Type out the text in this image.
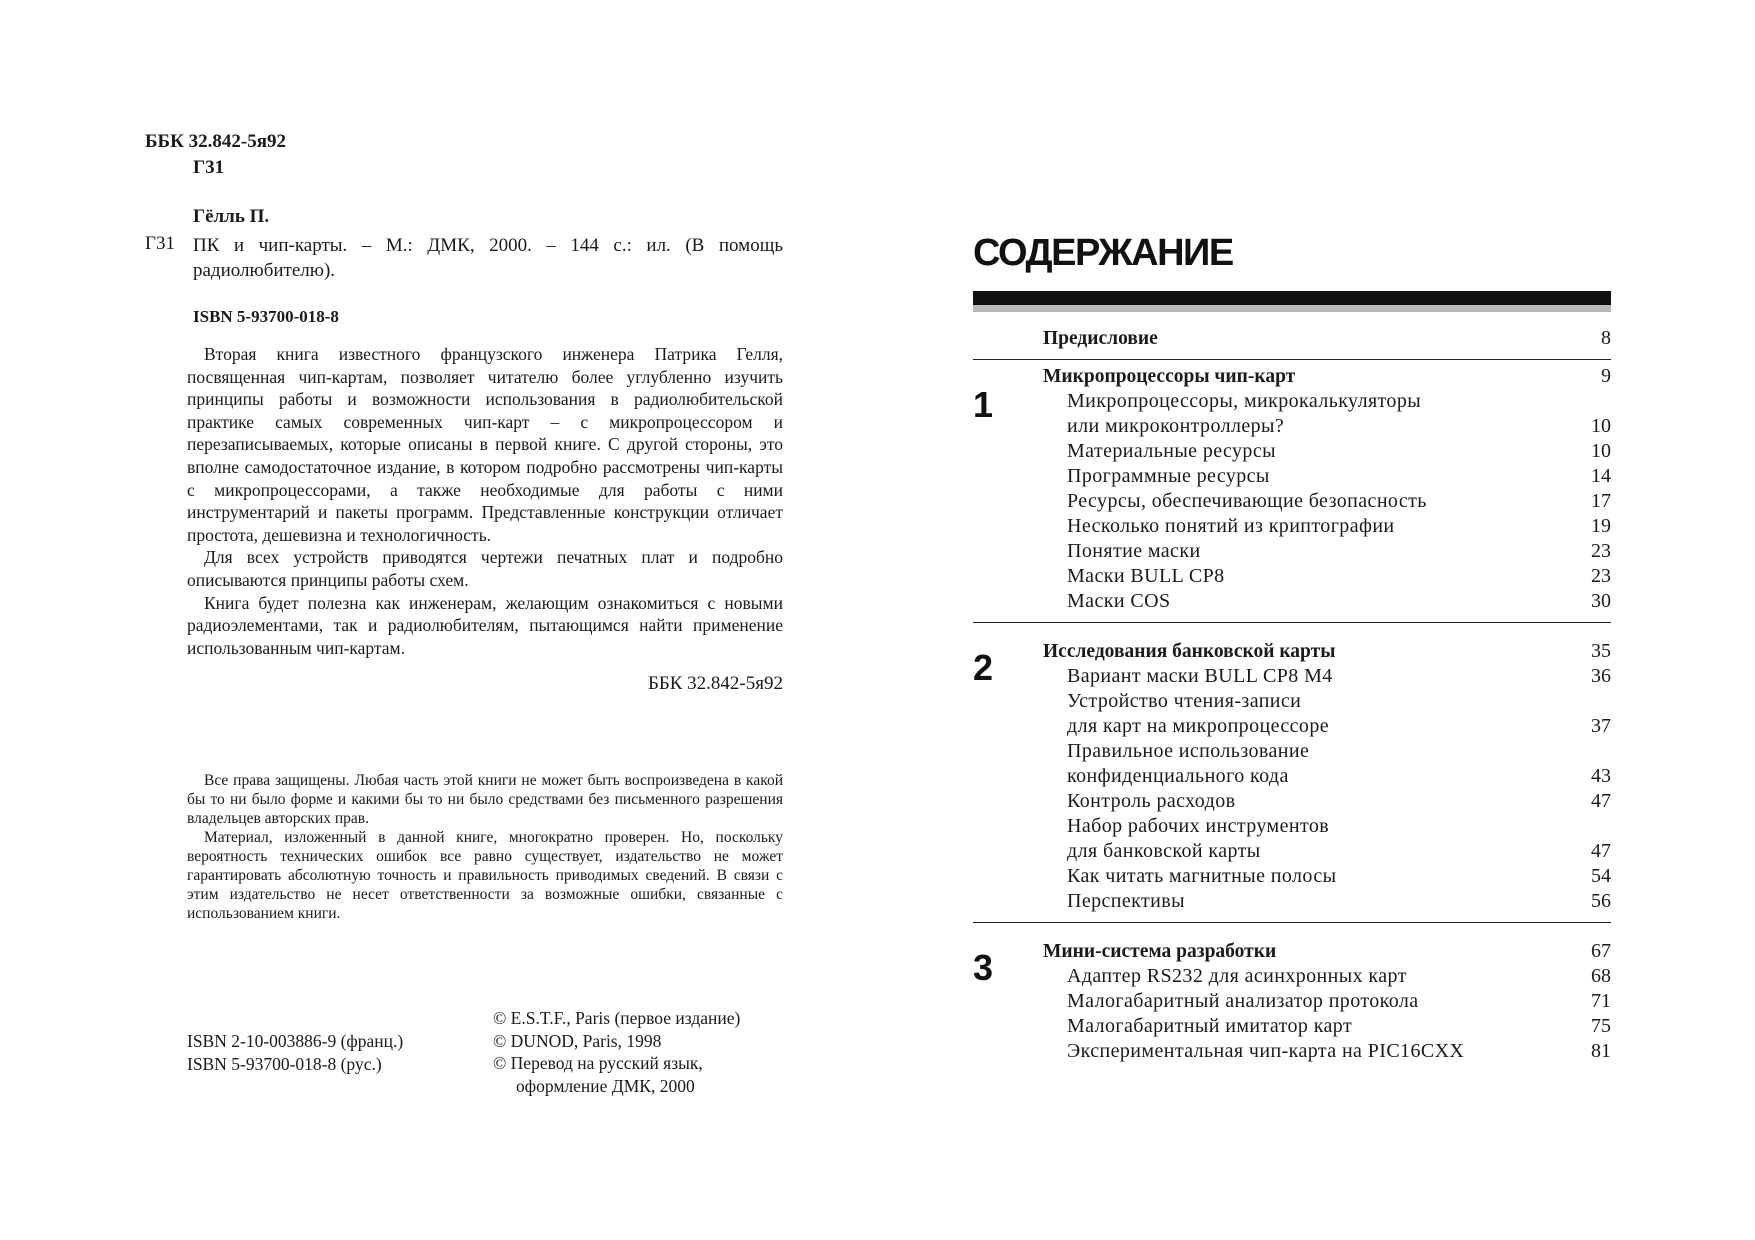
ББК 32.842-5я92
Г31
Гёлль П.
Г31 ПК и чип-карты. – М.: ДМК, 2000. – 144 с.: ил. (В помощь радиолюбителю).
ISBN 5-93700-018-8

Вторая книга известного французского инженера Патрика Гелля, посвященная чип-картам, позволяет читателю более углубленно изучить принципы работы и возможности использования в радиолюбительской практике самых современных чип-карт – с микропроцессором и перезаписываемых, которые описаны в первой книге. С другой стороны, это вполне самодостаточное издание, в котором подробно рассмотрены чип-карты с микропроцессорами, а также необходимые для работы с ними инструментарий и пакеты программ. Представленные конструкции отличает простота, дешевизна и технологичность.

Для всех устройств приводятся чертежи печатных плат и подробно описываются принципы работы схем.

Книга будет полезна как инженерам, желающим ознакомиться с новыми радиоэлементами, так и радиолюбителям, пытающимся найти применение использованным чип-картам.

ББК 32.842-5я92

Все права защищены. Любая часть этой книги не может быть воспроизведена в какой бы то ни было форме и какими бы то ни было средствами без письменного разрешения владельцев авторских прав.

Материал, изложенный в данной книге, многократно проверен. Но, поскольку вероятность технических ошибок все равно существует, издательство не может гарантировать абсолютную точность и правильность приводимых сведений. В связи с этим издательство не несет ответственности за возможные ошибки, связанные с использованием книги.

ISBN 2-10-003886-9 (франц.)
ISBN 5-93700-018-8 (рус.)
© E.S.T.F., Paris (первое издание)
© DUNOD, Paris, 1998
© Перевод на русский язык,
оформление ДМК, 2000
СОДЕРЖАНИЕ
Предисловие	8
1
Микропроцессоры чип-карт	9
Микропроцессоры, микрокалькуляторы
или микроконтроллеры?	10
Материальные ресурсы	10
Программные ресурсы	14
Ресурсы, обеспечивающие безопасность	17
Несколько понятий из криптографии	19
Понятие маски	23
Маски BULL CP8	23
Маски COS	30
2	Исследования банковской карты	35
Вариант маски BULL CP8 M4	36
Устройство чтения-записи
для карт на микропроцессоре	37
Правильное использование
конфиденциального кода	43
Контроль расходов	47
Набор рабочих инструментов
для банковской карты	47
Как читать магнитные полосы	54
Перспективы	56
3	Мини-система разработки	67
Адаптер RS232 для асинхронных карт	68
Малогабаритный анализатор протокола	71
Малогабаритный имитатор карт	75
Экспериментальная чип-карта на PIC16CXX	81
